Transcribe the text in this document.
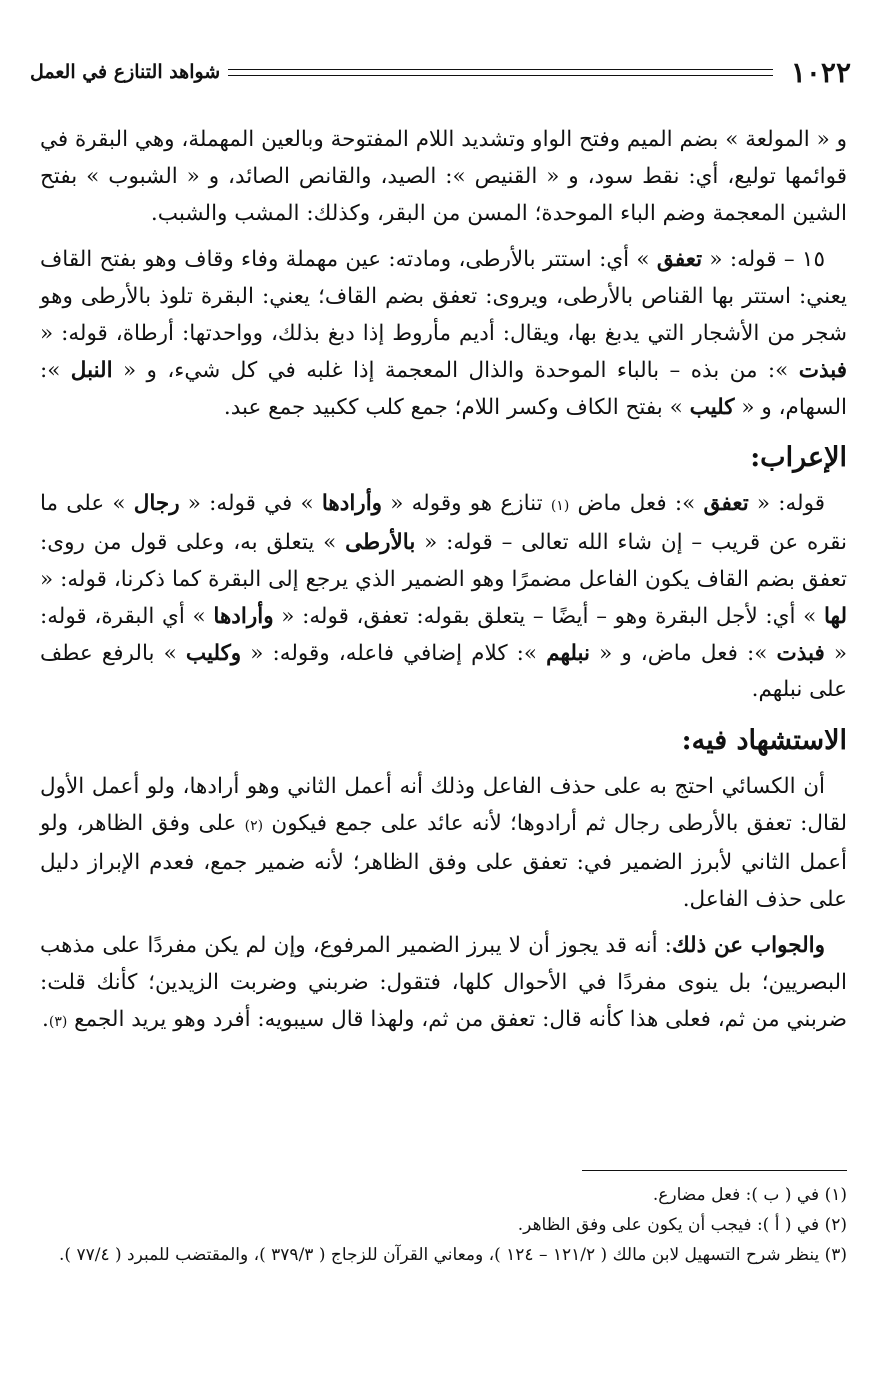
١٠٢٢
شواهد التنازع في العمل

و « المولعة » بضم الميم وفتح الواو وتشديد اللام المفتوحة وبالعين المهملة، وهي البقرة في قوائمها توليع، أي: نقط سود، و « القنيص »: الصيد، والقانص الصائد، و « الشبوب » بفتح الشين المعجمة وضم الباء الموحدة؛ المسن من البقر، وكذلك: المشب والشبب.

١٥ – قوله: « تعفق » أي: استتر بالأرطى، ومادته: عين مهملة وفاء وقاف وهو بفتح القاف يعني: استتر بها القناص بالأرطى، ويروى: تعفق بضم القاف؛ يعني: البقرة تلوذ بالأرطى وهو شجر من الأشجار التي يدبغ بها، ويقال: أديم مأروط إذا دبغ بذلك، وواحدتها: أرطاة، قوله: « فبذت »: من بذه – بالباء الموحدة والذال المعجمة إذا غلبه في كل شيء، و « النبل »: السهام، و « كليب » بفتح الكاف وكسر اللام؛ جمع كلب ككبيد جمع عبد.

الإعراب:

قوله: « تعفق »: فعل ماض (١) تنازع هو وقوله « وأرادها » في قوله: « رجال » على ما نقره عن قريب – إن شاء الله تعالى – قوله: « بالأرطى » يتعلق به، وعلى قول من روى: تعفق بضم القاف يكون الفاعل مضمرًا وهو الضمير الذي يرجع إلى البقرة كما ذكرنا، قوله: « لها » أي: لأجل البقرة وهو – أيضًا – يتعلق بقوله: تعفق، قوله: « وأرادها » أي البقرة، قوله: « فبذت »: فعل ماض، و « نبلهم »: كلام إضافي فاعله، وقوله: « وكليب » بالرفع عطف على نبلهم.

الاستشهاد فيه:

أن الكسائي احتج به على حذف الفاعل وذلك أنه أعمل الثاني وهو أرادها، ولو أعمل الأول لقال: تعفق بالأرطى رجال ثم أرادوها؛ لأنه عائد على جمع فيكون (٢) على وفق الظاهر، ولو أعمل الثاني لأبرز الضمير في: تعفق على وفق الظاهر؛ لأنه ضمير جمع، فعدم الإبراز دليل على حذف الفاعل.

والجواب عن ذلك: أنه قد يجوز أن لا يبرز الضمير المرفوع، وإن لم يكن مفردًا على مذهب البصريين؛ بل ينوى مفردًا في الأحوال كلها، فتقول: ضربني وضربت الزيدين؛ كأنك قلت: ضربني من ثم، فعلى هذا كأنه قال: تعفق من ثم، ولهذا قال سيبويه: أفرد وهو يريد الجمع (٣).

(١) في ( ب ): فعل مضارع.

(٢) في ( أ ): فيجب أن يكون على وفق الظاهر.

(٣) ينظر شرح التسهيل لابن مالك ( ١٢١/٢ – ١٢٤ )، ومعاني القرآن للزجاج ( ٣٧٩/٣ )، والمقتضب للمبرد ( ٧٧/٤ ).
